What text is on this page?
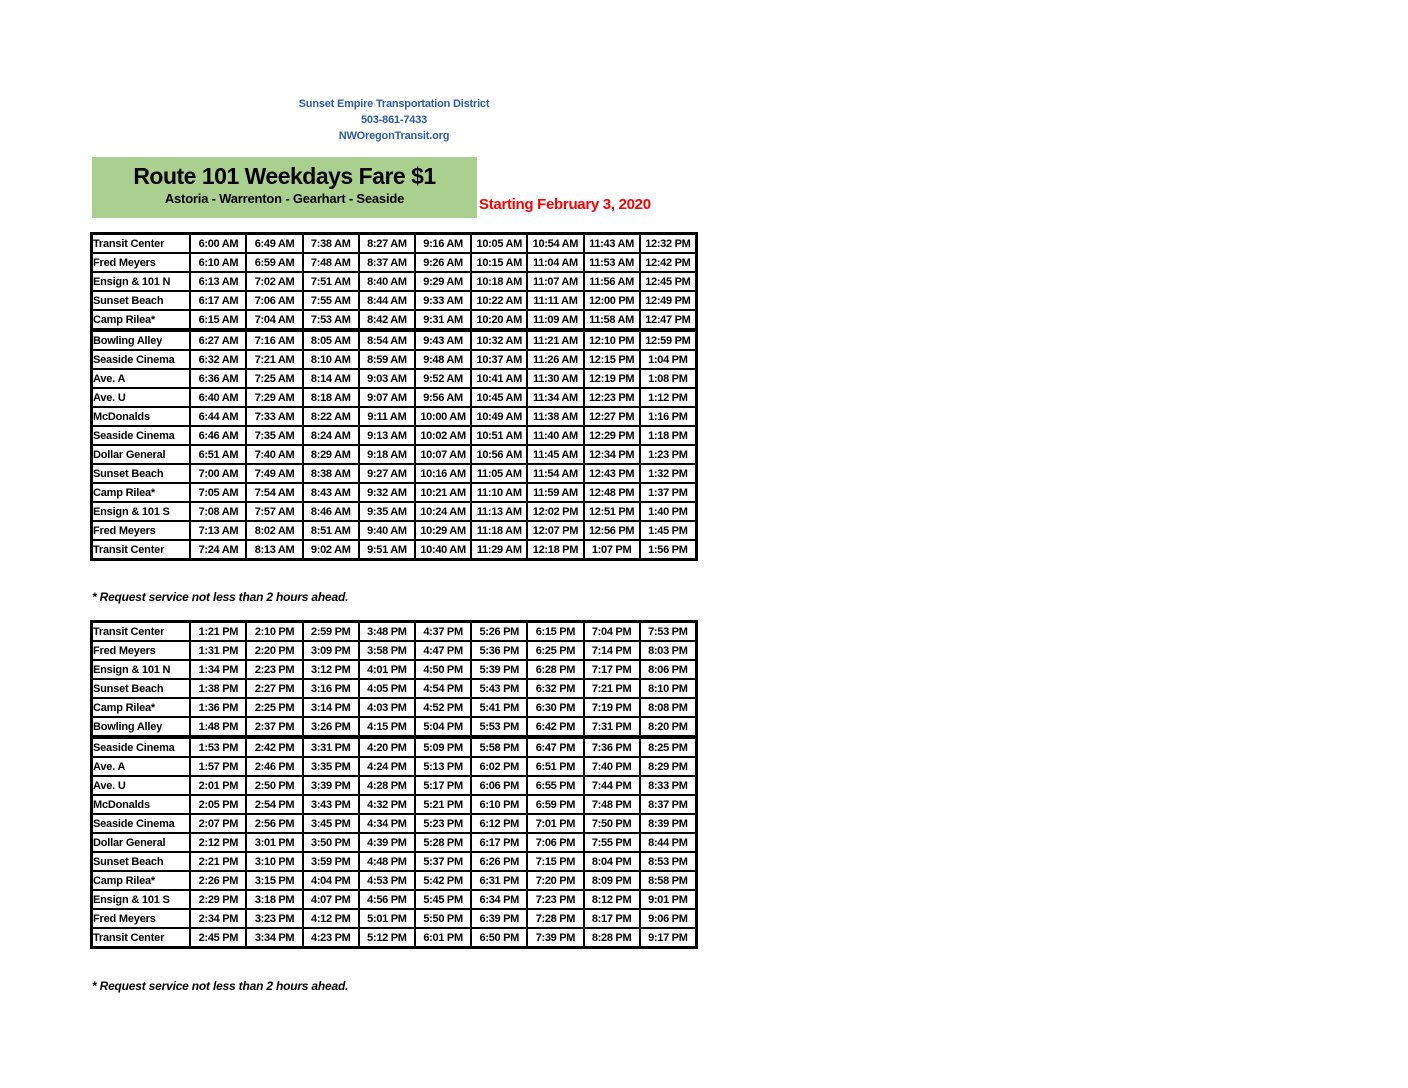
Sunset Empire Transportation District
503-861-7433
NWOregonTransit.org
Route 101 Weekdays Fare $1
Astoria - Warrenton - Gearhart - Seaside	Starting February 3, 2020
Transit Center	6:00 AM	6:49 AM	7:38 AM	8:27 AM	9:16 AM	10:05 AM	10:54 AM	11:43 AM	12:32 PM
Fred Meyers	6:10 AM	6:59 AM	7:48 AM	8:37 AM	9:26 AM	10:15 AM	11:04 AM	11:53 AM	12:42 PM
Ensign & 101 N	6:13 AM	7:02 AM	7:51 AM	8:40 AM	9:29 AM	10:18 AM	11:07 AM	11:56 AM	12:45 PM
Sunset Beach	6:17 AM	7:06 AM	7:55 AM	8:44 AM	9:33 AM	10:22 AM	11:11 AM	12:00 PM	12:49 PM
Camp Rilea*	6:15 AM	7:04 AM	7:53 AM	8:42 AM	9:31 AM	10:20 AM	11:09 AM	11:58 AM	12:47 PM
Bowling Alley	6:27 AM	7:16 AM	8:05 AM	8:54 AM	9:43 AM	10:32 AM	11:21 AM	12:10 PM	12:59 PM
Seaside Cinema	6:32 AM	7:21 AM	8:10 AM	8:59 AM	9:48 AM	10:37 AM	11:26 AM	12:15 PM	1:04 PM
Ave. A	6:36 AM	7:25 AM	8:14 AM	9:03 AM	9:52 AM	10:41 AM	11:30 AM	12:19 PM	1:08 PM
Ave. U	6:40 AM	7:29 AM	8:18 AM	9:07 AM	9:56 AM	10:45 AM	11:34 AM	12:23 PM	1:12 PM
McDonalds	6:44 AM	7:33 AM	8:22 AM	9:11 AM	10:00 AM	10:49 AM	11:38 AM	12:27 PM	1:16 PM
Seaside Cinema	6:46 AM	7:35 AM	8:24 AM	9:13 AM	10:02 AM	10:51 AM	11:40 AM	12:29 PM	1:18 PM
Dollar General	6:51 AM	7:40 AM	8:29 AM	9:18 AM	10:07 AM	10:56 AM	11:45 AM	12:34 PM	1:23 PM
Sunset Beach	7:00 AM	7:49 AM	8:38 AM	9:27 AM	10:16 AM	11:05 AM	11:54 AM	12:43 PM	1:32 PM
Camp Rilea*	7:05 AM	7:54 AM	8:43 AM	9:32 AM	10:21 AM	11:10 AM	11:59 AM	12:48 PM	1:37 PM
Ensign & 101 S	7:08 AM	7:57 AM	8:46 AM	9:35 AM	10:24 AM	11:13 AM	12:02 PM	12:51 PM	1:40 PM
Fred Meyers	7:13 AM	8:02 AM	8:51 AM	9:40 AM	10:29 AM	11:18 AM	12:07 PM	12:56 PM	1:45 PM
Transit Center	7:24 AM	8:13 AM	9:02 AM	9:51 AM	10:40 AM	11:29 AM	12:18 PM	1:07 PM	1:56 PM
* Request service not less than 2 hours ahead.
Transit Center	1:21 PM	2:10 PM	2:59 PM	3:48 PM	4:37 PM	5:26 PM	6:15 PM	7:04 PM	7:53 PM
Fred Meyers	1:31 PM	2:20 PM	3:09 PM	3:58 PM	4:47 PM	5:36 PM	6:25 PM	7:14 PM	8:03 PM
Ensign & 101 N	1:34 PM	2:23 PM	3:12 PM	4:01 PM	4:50 PM	5:39 PM	6:28 PM	7:17 PM	8:06 PM
Sunset Beach	1:38 PM	2:27 PM	3:16 PM	4:05 PM	4:54 PM	5:43 PM	6:32 PM	7:21 PM	8:10 PM
Camp Rilea*	1:36 PM	2:25 PM	3:14 PM	4:03 PM	4:52 PM	5:41 PM	6:30 PM	7:19 PM	8:08 PM
Bowling Alley	1:48 PM	2:37 PM	3:26 PM	4:15 PM	5:04 PM	5:53 PM	6:42 PM	7:31 PM	8:20 PM
Seaside Cinema	1:53 PM	2:42 PM	3:31 PM	4:20 PM	5:09 PM	5:58 PM	6:47 PM	7:36 PM	8:25 PM
Ave. A	1:57 PM	2:46 PM	3:35 PM	4:24 PM	5:13 PM	6:02 PM	6:51 PM	7:40 PM	8:29 PM
Ave. U	2:01 PM	2:50 PM	3:39 PM	4:28 PM	5:17 PM	6:06 PM	6:55 PM	7:44 PM	8:33 PM
McDonalds	2:05 PM	2:54 PM	3:43 PM	4:32 PM	5:21 PM	6:10 PM	6:59 PM	7:48 PM	8:37 PM
Seaside Cinema	2:07 PM	2:56 PM	3:45 PM	4:34 PM	5:23 PM	6:12 PM	7:01 PM	7:50 PM	8:39 PM
Dollar General	2:12 PM	3:01 PM	3:50 PM	4:39 PM	5:28 PM	6:17 PM	7:06 PM	7:55 PM	8:44 PM
Sunset Beach	2:21 PM	3:10 PM	3:59 PM	4:48 PM	5:37 PM	6:26 PM	7:15 PM	8:04 PM	8:53 PM
Camp Rilea*	2:26 PM	3:15 PM	4:04 PM	4:53 PM	5:42 PM	6:31 PM	7:20 PM	8:09 PM	8:58 PM
Ensign & 101 S	2:29 PM	3:18 PM	4:07 PM	4:56 PM	5:45 PM	6:34 PM	7:23 PM	8:12 PM	9:01 PM
Fred Meyers	2:34 PM	3:23 PM	4:12 PM	5:01 PM	5:50 PM	6:39 PM	7:28 PM	8:17 PM	9:06 PM
Transit Center	2:45 PM	3:34 PM	4:23 PM	5:12 PM	6:01 PM	6:50 PM	7:39 PM	8:28 PM	9:17 PM
* Request service not less than 2 hours ahead.
